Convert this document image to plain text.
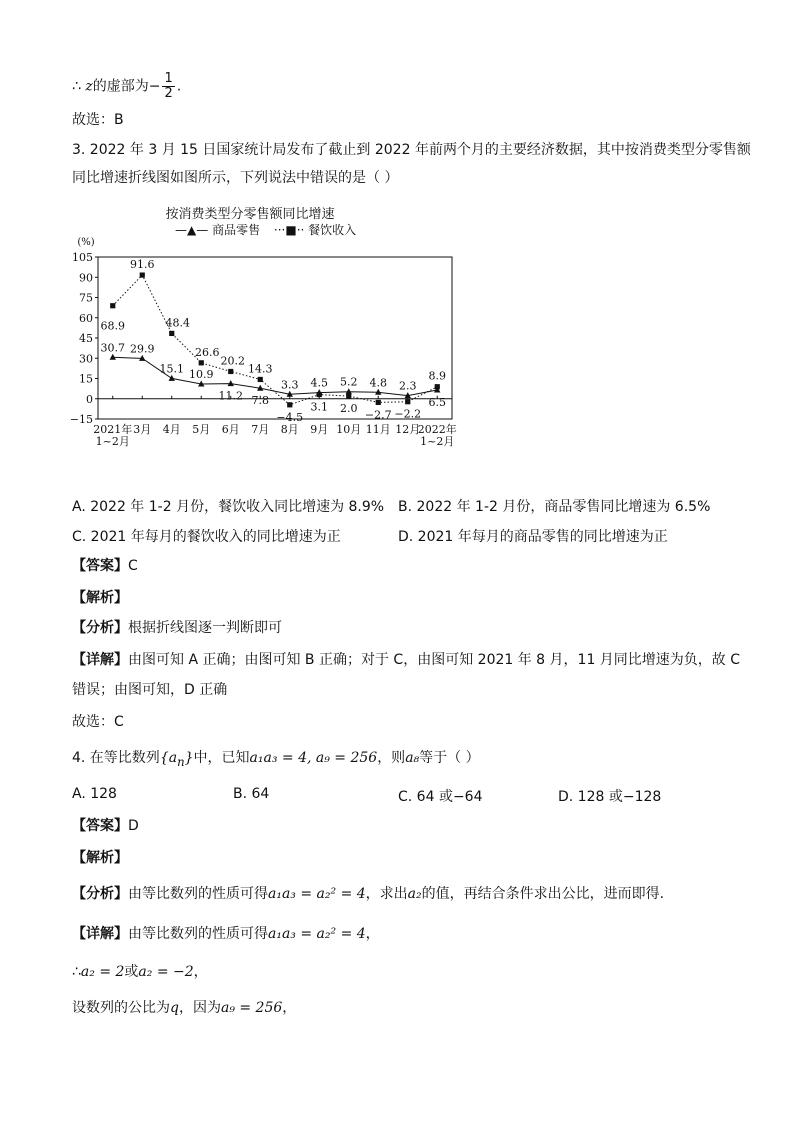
∴ z的虚部为− $\frac{1}{2}$ .
故选：B
3. 2022 年 3 月 15 日国家统计局发布了截止到 2022 年前两个月的主要经济数据，其中按消费类型分零售额
同比增速折线图如图所示，下列说法中错误的是（ ）
按消费类型分零售额同比增速
—▲— 商品零售 ···■·· 餐饮收入
(%)
105
90
75
60
45
30
15
0
−15
2021年
1~2月
3月 4月 5月 6月 7月 8月 9月 10月 11月 12月
2022年
1~2月
30.7 29.9
15.1 10.9
11.2 7.8
3.3 4.5 5.2 4.8 2.3
6.5
68.9
91.6
48.4
26.6
20.2
14.3
−4.5
3.1 2.0 −2.7 −2.2
8.9
A. 2022 年 1-2 月份，餐饮收入同比增速为 8.9% B. 2022 年 1-2 月份，商品零售同比增速为 6.5%
C. 2021 年每月的餐饮收入的同比增速为正	D. 2021 年每月的商品零售的同比增速为正
【答案】C
【解析】
【分析】根据折线图逐一判断即可
【详解】由图可知 A 正确；由图可知 B 正确；对于 C，由图可知 2021 年 8 月，11 月同比增速为负，故 C
错误；由图可知，D 正确
故选：C
4. 在等比数列$\{a_n\}$中，已知a₁a₃ = 4, a₉ = 256，则a₈等于（ ）
A. 128	B. 64	C. 64 或−64	D. 128 或−128
【答案】D
【解析】
【分析】由等比数列的性质可得a₁a₃ = a₂² = 4，求出a₂的值，再结合条件求出公比，进而即得.
【详解】由等比数列的性质可得a₁a₃ = a₂² = 4，
∴a₂ = 2或a₂ = −2，
设数列的公比为q，因为a₉ = 256，
